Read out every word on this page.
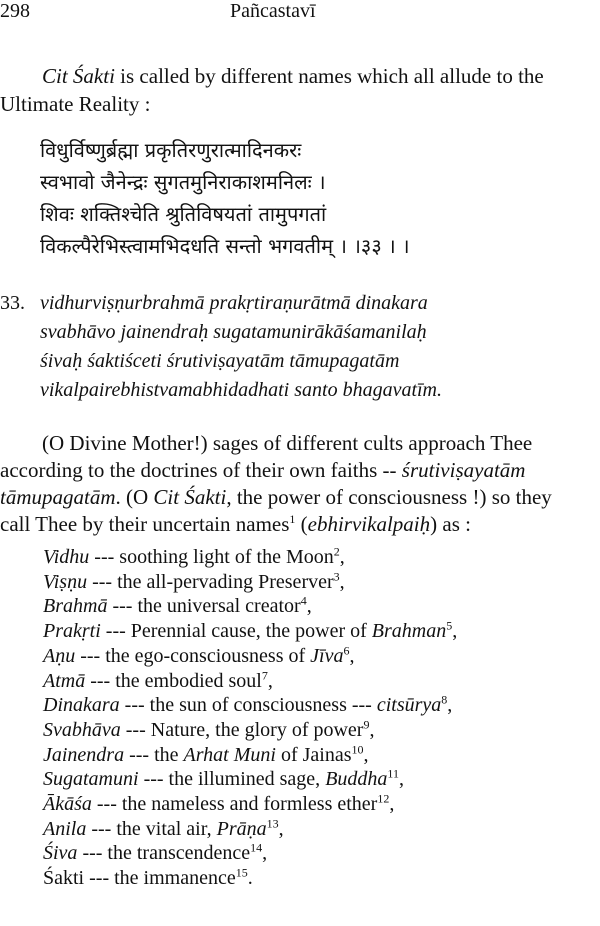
298	Pañcastavī

Cit Śakti is called by different names which all allude to the

Ultimate Reality :

विधुर्विष्णुर्ब्रह्मा प्रकृतिरणुरात्मादिनकरः
स्वभावो जैनेन्द्रः सुगतमुनिराकाशमनिलः ।
शिवः शक्तिश्चेति श्रुतिविषयतां तामुपगतां
विकल्पैरेभिस्त्वामभिदधति सन्तो भगवतीम् । ।३३ । ।
33. vidhurviṣṇurbrahmā prakṛtiraṇurātmā dinakara
svabhāvo jainendraḥ sugatamunirākāśamanilaḥ
śivaḥ śaktiśceti śrutiviṣayatām tāmupagatām
vikalpairebhistvamabhidadhati santo bhagavatīm.

(O Divine Mother!) sages of different cults approach Thee

according to the doctrines of their own faiths -- śrutiviṣayatām

tāmupagatām. (O Cit Śakti, the power of consciousness !) so they

call Thee by their uncertain names$^1$ (ebhirvikalpaiḥ) as :

Vidhu --- soothing light of the Moon$^2$,
Viṣṇu --- the all-pervading Preserver$^3$,
Brahmā --- the universal creator$^4$,
Prakṛti --- Perennial cause, the power of Brahman$^5$,
Aṇu --- the ego-consciousness of Jīva$^6$,
Atmā --- the embodied soul$^7$,
Dinakara --- the sun of consciousness --- citsūrya$^8$,
Svabhāva --- Nature, the glory of power$^9$,
Jainendra --- the Arhat Muni of Jainas$^{10}$,
Sugatamuni --- the illumined sage, Buddha$^{11}$,
Ākāśa --- the nameless and formless ether$^{12}$,
Anila --- the vital air, Prāṇa$^{13}$,
Śiva --- the transcendence$^{14}$,
Śakti --- the immanence$^{15}$.
